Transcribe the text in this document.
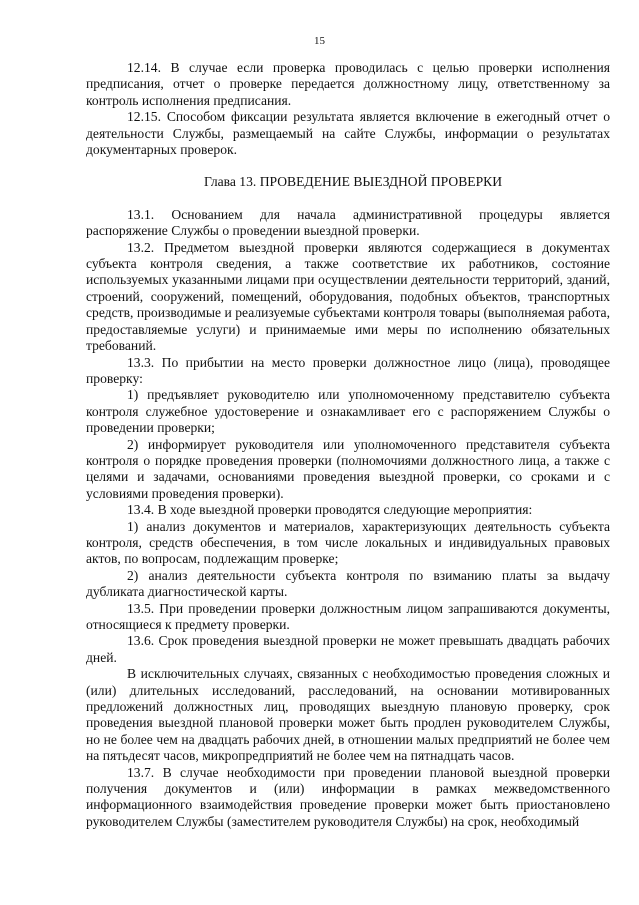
15

12.14. В случае если проверка проводилась с целью проверки исполнения предписания, отчет о проверке передается должностному лицу, ответственному за контроль исполнения предписания.

12.15. Способом фиксации результата является включение в ежегодный отчет о деятельности Службы, размещаемый на сайте Службы, информации о результатах документарных проверок.

Глава 13. ПРОВЕДЕНИЕ ВЫЕЗДНОЙ ПРОВЕРКИ

13.1. Основанием для начала административной процедуры является распоряжение Службы о проведении выездной проверки.

13.2. Предметом выездной проверки являются содержащиеся в документах субъекта контроля сведения, а также соответствие их работников, состояние используемых указанными лицами при осуществлении деятельности территорий, зданий, строений, сооружений, помещений, оборудования, подобных объектов, транспортных средств, производимые и реализуемые субъектами контроля товары (выполняемая работа, предоставляемые услуги) и принимаемые ими меры по исполнению обязательных требований.

13.3. По прибытии на место проверки должностное лицо (лица), проводящее проверку:

1) предъявляет руководителю или уполномоченному представителю субъекта контроля служебное удостоверение и ознакамливает его с распоряжением Службы о проведении проверки;

2) информирует руководителя или уполномоченного представителя субъекта контроля о порядке проведения проверки (полномочиями должностного лица, а также с целями и задачами, основаниями проведения выездной проверки, со сроками и с условиями проведения проверки).

13.4. В ходе выездной проверки проводятся следующие мероприятия:

1) анализ документов и материалов, характеризующих деятельность субъекта контроля, средств обеспечения, в том числе локальных и индивидуальных правовых актов, по вопросам, подлежащим проверке;

2) анализ деятельности субъекта контроля по взиманию платы за выдачу дубликата диагностической карты.

13.5. При проведении проверки должностным лицом запрашиваются документы, относящиеся к предмету проверки.

13.6. Срок проведения выездной проверки не может превышать двадцать рабочих дней.

В исключительных случаях, связанных с необходимостью проведения сложных и (или) длительных исследований, расследований, на основании мотивированных предложений должностных лиц, проводящих выездную плановую проверку, срок проведения выездной плановой проверки может быть продлен руководителем Службы, но не более чем на двадцать рабочих дней, в отношении малых предприятий не более чем на пятьдесят часов, микропредприятий не более чем на пятнадцать часов.

13.7. В случае необходимости при проведении плановой выездной проверки получения документов и (или) информации в рамках межведомственного информационного взаимодействия проведение проверки может быть приостановлено руководителем Службы (заместителем руководителя Службы) на срок, необходимый
